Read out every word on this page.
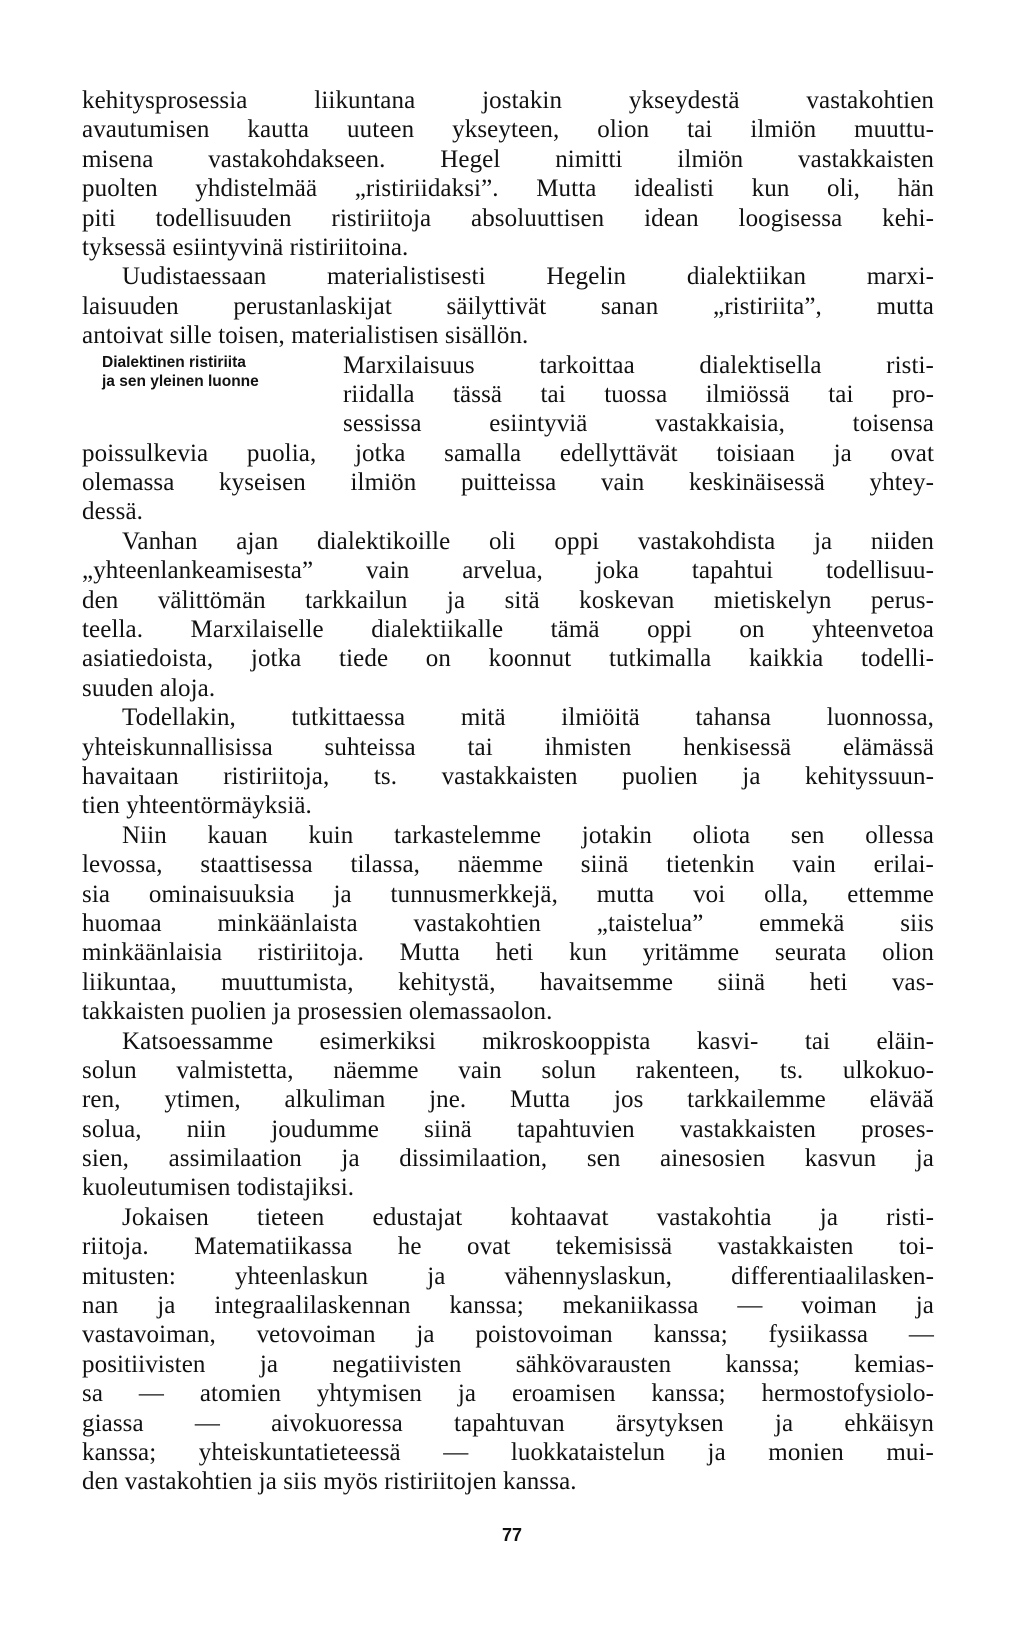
kehitysprosessia liikuntana jostakin ykseydestä vastakohtien
avautumisen kautta uuteen ykseyteen, olion tai ilmiön muuttu-
misena vastakohdakseen. Hegel nimitti ilmiön vastakkaisten
puolten yhdistelmää „ristiriidaksi”. Mutta idealisti kun oli, hän
piti todellisuuden ristiriitoja absoluuttisen idean loogisessa kehi-
tyksessä esiintyvinä ristiriitoina.
Uudistaessaan materialistisesti Hegelin dialektiikan marxi-
laisuuden perustanlaskijat säilyttivät sanan „ristiriita”, mutta
antoivat sille toisen, materialistisen sisällön.
Marxilaisuus tarkoittaa dialektisella risti-
riidalla tässä tai tuossa ilmiössä tai pro-
sessissa esiintyviä vastakkaisia, toisensa
poissulkevia puolia, jotka samalla edellyttävät toisiaan ja ovat
olemassa kyseisen ilmiön puitteissa vain keskinäisessä yhtey-
dessä.
Vanhan ajan dialektikoille oli oppi vastakohdista ja niiden
„yhteenlankeamisesta” vain arvelua, joka tapahtui todellisuu-
den välittömän tarkkailun ja sitä koskevan mietiskelyn perus-
teella. Marxilaiselle dialektiikalle tämä oppi on yhteenvetoa
asiatiedoista, jotka tiede on koonnut tutkimalla kaikkia todelli-
suuden aloja.
Todellakin, tutkittaessa mitä ilmiöitä tahansa luonnossa,
yhteiskunnallisissa suhteissa tai ihmisten henkisessä elämässä
havaitaan ristiriitoja, ts. vastakkaisten puolien ja kehityssuun-
tien yhteentörmäyksiä.
Niin kauan kuin tarkastelemme jotakin oliota sen ollessa
levossa, staattisessa tilassa, näemme siinä tietenkin vain erilai-
sia ominaisuuksia ja tunnusmerkkejä, mutta voi olla, ettemme
huomaa minkäänlaista vastakohtien „taistelua” emmekä siis
minkäänlaisia ristiriitoja. Mutta heti kun yritämme seurata olion
liikuntaa, muuttumista, kehitystä, havaitsemme siinä heti vas-
takkaisten puolien ja prosessien olemassaolon.
Katsoessamme esimerkiksi mikroskooppista kasvi- tai eläin-
solun valmistetta, näemme vain solun rakenteen, ts. ulkokuo-
ren, ytimen, alkuliman jne. Mutta jos tarkkailemme eläväă
solua, niin joudumme siinä tapahtuvien vastakkaisten proses-
sien, assimilaation ja dissimilaation, sen ainesosien kasvun ja
kuoleutumisen todistajiksi.
Jokaisen tieteen edustajat kohtaavat vastakohtia ja risti-
riitoja. Matematiikassa he ovat tekemisissä vastakkaisten toi-
mitusten: yhteenlaskun ja vähennyslaskun, differentiaalilasken-
nan ja integraalilaskennan kanssa; mekaniikassa — voiman ja
vastavoiman, vetovoiman ja poistovoiman kanssa; fysiikassa —
positiivisten ja negatiivisten sähkövarausten kanssa; kemias-
sa — atomien yhtymisen ja eroamisen kanssa; hermostofysiolo-
giassa — aivokuoressa tapahtuvan ärsytyksen ja ehkäisyn
kanssa; yhteiskuntatieteessä — luokkataistelun ja monien mui-
den vastakohtien ja siis myös ristiriitojen kanssa.
Dialektinen ristiriita
ja sen yleinen luonne
77
